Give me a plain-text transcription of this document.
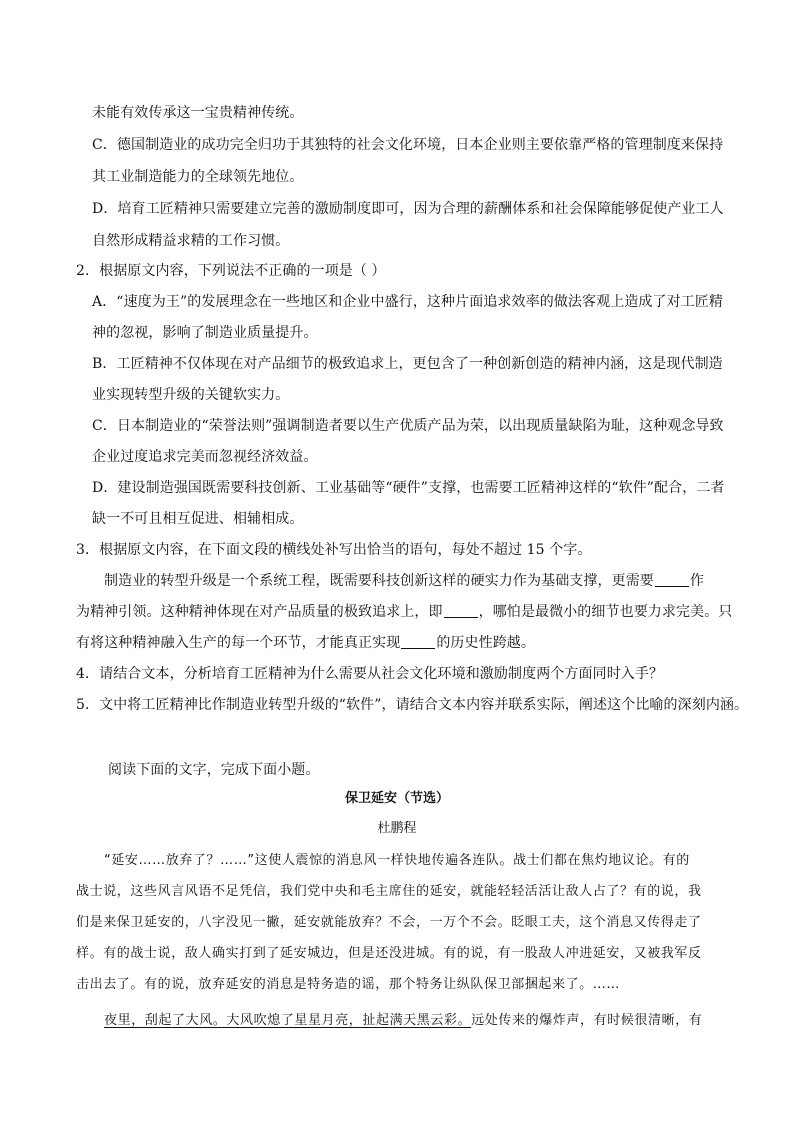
未能有效传承这一宝贵精神传统。
C．德国制造业的成功完全归功于其独特的社会文化环境，日本企业则主要依靠严格的管理制度来保持
其工业制造能力的全球领先地位。
D．培育工匠精神只需要建立完善的激励制度即可，因为合理的薪酬体系和社会保障能够促使产业工人
自然形成精益求精的工作习惯。
2．根据原文内容，下列说法不正确的一项是（ ）
A．“速度为王”的发展理念在一些地区和企业中盛行，这种片面追求效率的做法客观上造成了对工匠精
神的忽视，影响了制造业质量提升。
B．工匠精神不仅体现在对产品细节的极致追求上，更包含了一种创新创造的精神内涵，这是现代制造
业实现转型升级的关键软实力。
C．日本制造业的“荣誉法则”强调制造者要以生产优质产品为荣，以出现质量缺陷为耻，这种观念导致
企业过度追求完美而忽视经济效益。
D．建设制造强国既需要科技创新、工业基础等“硬件”支撑，也需要工匠精神这样的“软件”配合，二者
缺一不可且相互促进、相辅相成。
3．根据原文内容，在下面文段的横线处补写出恰当的语句，每处不超过 15 个字。
制造业的转型升级是一个系统工程，既需要科技创新这样的硬实力作为基础支撑，更需要	作
为精神引领。这种精神体现在对产品质量的极致追求上，即	，哪怕是最微小的细节也要力求完美。只
有将这种精神融入生产的每一个环节，才能真正实现	的历史性跨越。
4．请结合文本，分析培育工匠精神为什么需要从社会文化环境和激励制度两个方面同时入手？
5．文中将工匠精神比作制造业转型升级的“软件”，请结合文本内容并联系实际，阐述这个比喻的深刻内涵。
阅读下面的文字，完成下面小题。
保卫延安（节选）
杜鹏程
“延安……放弃了？……”这使人震惊的消息风一样快地传遍各连队。战士们都在焦灼地议论。有的
战士说，这些风言风语不足凭信，我们党中央和毛主席住的延安，就能轻轻活活让敌人占了？有的说，我
们是来保卫延安的，八字没见一撇，延安就能放弃？不会，一万个不会。眨眼工夫，这个消息又传得走了
样。有的战士说，敌人确实打到了延安城边，但是还没进城。有的说，有一股敌人冲进延安，又被我军反
击出去了。有的说，放弃延安的消息是特务造的谣，那个特务让纵队保卫部捆起来了。……
夜里，刮起了大风。大风吹熄了星星月亮，扯起满天黑云彩。远处传来的爆炸声，有时候很清晰，有
